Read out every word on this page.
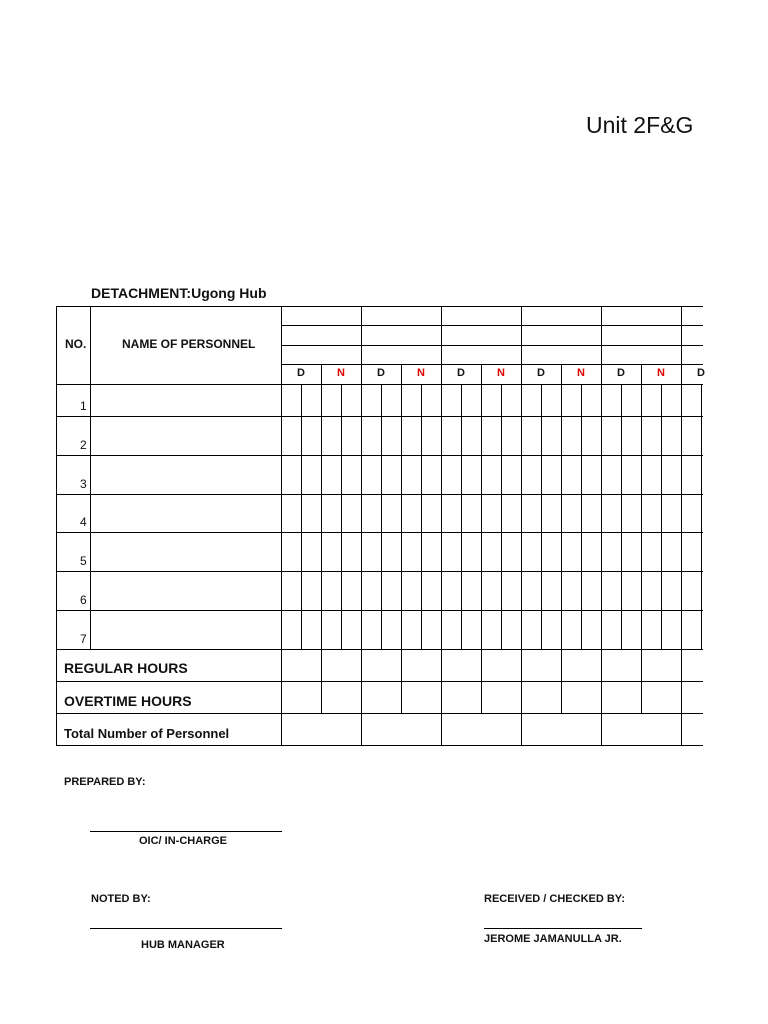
Unit 2F&G
DETACHMENT:Ugong Hub
NO.	NAME OF PERSONNEL
D	N	D	N	D	N	D	N	D	N	D
1
2
3
4
5
6
7
REGULAR HOURS
OVERTIME HOURS
Total Number of Personnel
PREPARED BY:
OIC/ IN-CHARGE
NOTED BY:
HUB MANAGER
RECEIVED / CHECKED BY:
JEROME JAMANULLA JR.
